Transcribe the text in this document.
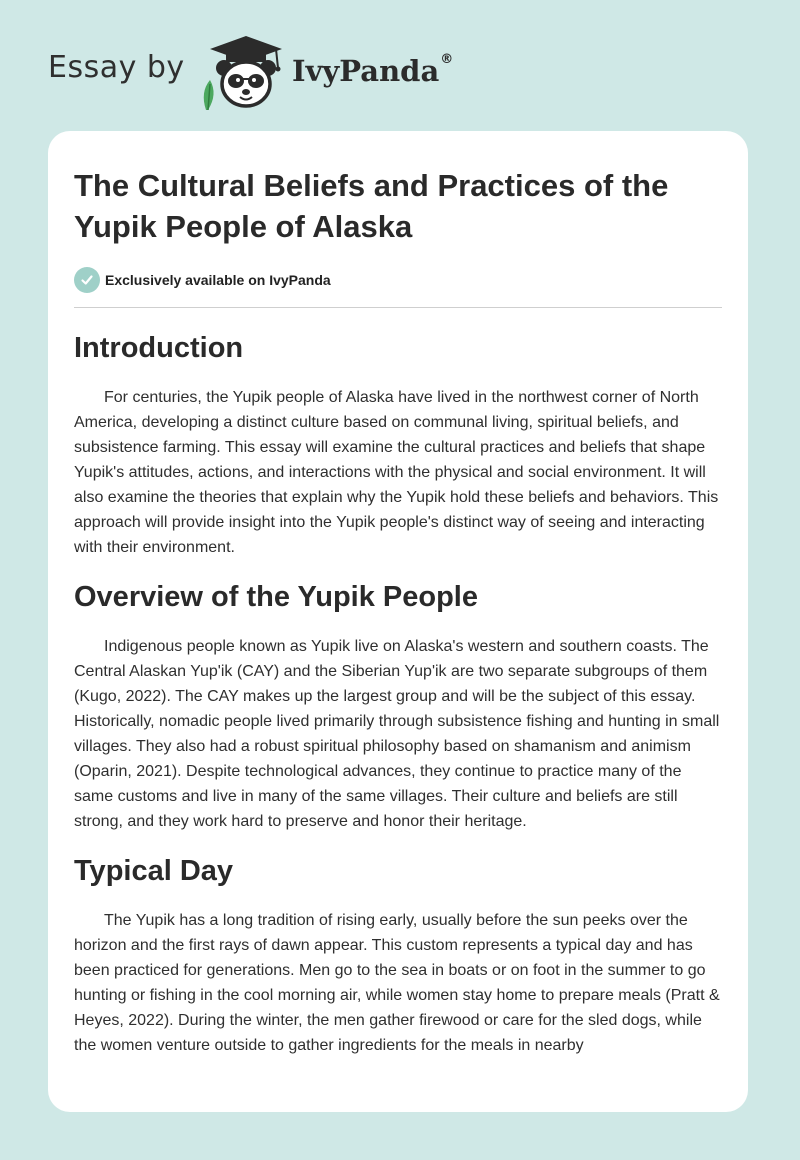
Essay by	IvyPanda®
The Cultural Beliefs and Practices of the Yupik People of Alaska
Exclusively available on IvyPanda
Introduction

For centuries, the Yupik people of Alaska have lived in the northwest corner of North America, developing a distinct culture based on communal living, spiritual beliefs, and subsistence farming. This essay will examine the cultural practices and beliefs that shape Yupik's attitudes, actions, and interactions with the physical and social environment. It will also examine the theories that explain why the Yupik hold these beliefs and behaviors. This approach will provide insight into the Yupik people's distinct way of seeing and interacting with their environment.

Overview of the Yupik People

Indigenous people known as Yupik live on Alaska's western and southern coasts. The Central Alaskan Yup'ik (CAY) and the Siberian Yup'ik are two separate subgroups of them (Kugo, 2022). The CAY makes up the largest group and will be the subject of this essay. Historically, nomadic people lived primarily through subsistence fishing and hunting in small villages. They also had a robust spiritual philosophy based on shamanism and animism (Oparin, 2021). Despite technological advances, they continue to practice many of the same customs and live in many of the same villages. Their culture and beliefs are still strong, and they work hard to preserve and honor their heritage.

Typical Day

The Yupik has a long tradition of rising early, usually before the sun peeks over the horizon and the first rays of dawn appear. This custom represents a typical day and has been practiced for generations. Men go to the sea in boats or on foot in the summer to go hunting or fishing in the cool morning air, while women stay home to prepare meals (Pratt & Heyes, 2022). During the winter, the men gather firewood or care for the sled dogs, while the women venture outside to gather ingredients for the meals in nearby
